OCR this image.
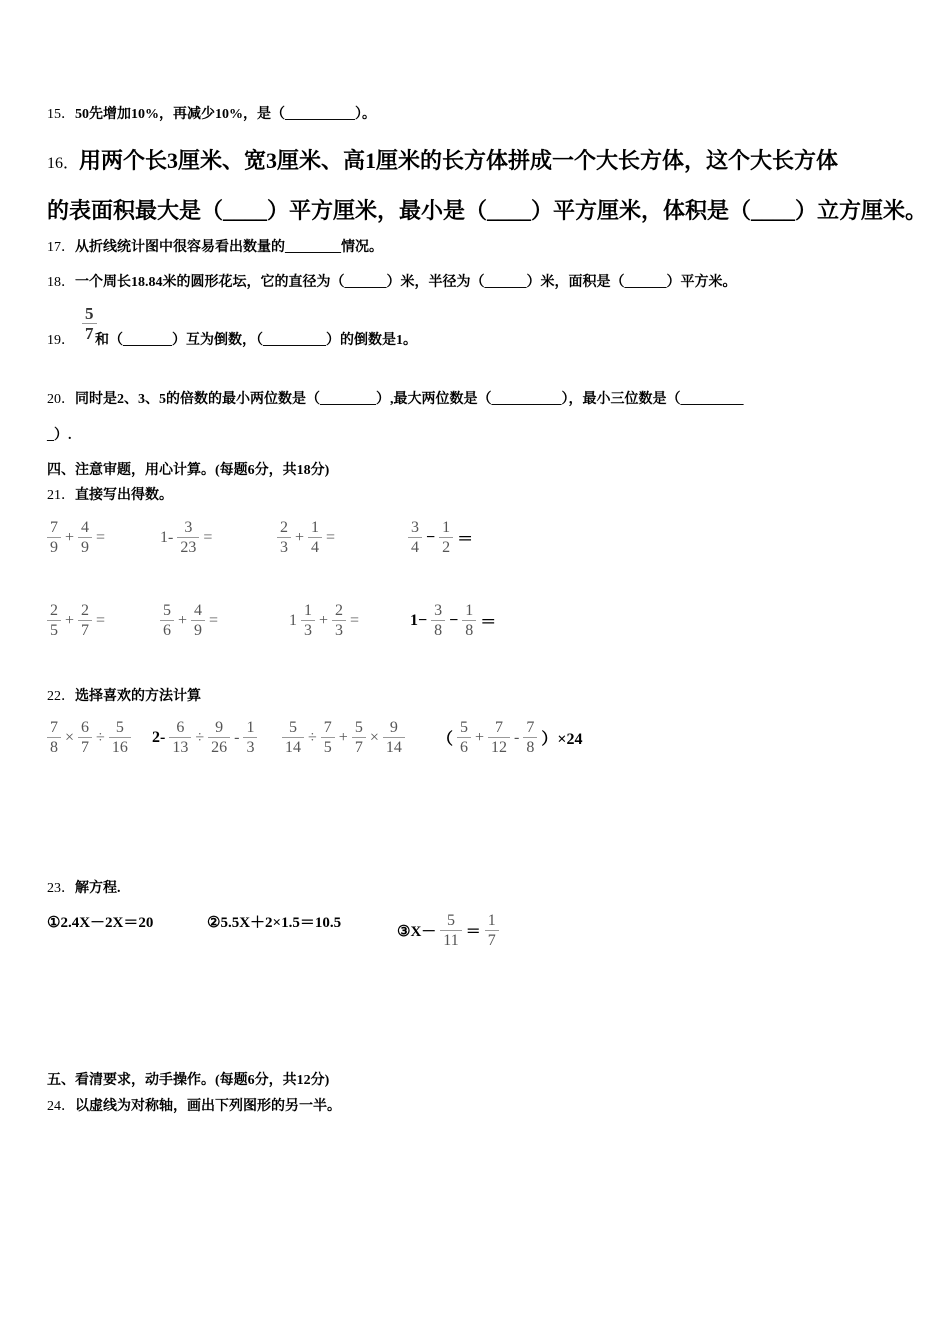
15．50先增加10%，再减少10%，是（__________）。
16．用两个长3厘米、宽3厘米、高1厘米的长方体拼成一个大长方体，这个大长方体
的表面积最大是（____）平方厘米，最小是（____）平方厘米，体积是（____）立方厘米。
17．从折线统计图中很容易看出数量的________情况。
18．一个周长18.84米的圆形花坛，它的直径为（______）米，半径为（______）米，面积是（______）平方米。
19． 和（_______）互为倒数，（_________）的倒数是1。
5
7
20．同时是2、3、5的倍数的最小两位数是（________）,最大两位数是（__________），最小三位数是（_________
_）.
四、注意审题，用心计算。(每题6分，共18分)
21．直接写出得数。
22．选择喜欢的方法计算
23．解方程.
五、看清要求，动手操作。(每题6分，共12分)
24．以虚线为对称轴，画出下列图形的另一半。
$\frac{7}{9} + \frac{4}{9}$ =	$1- \frac{3}{23}$ =	$\frac{2}{3} + \frac{1}{4}$ =	$\frac{3}{4} - \frac{1}{2}$ ＝
$\frac{2}{5} + \frac{2}{7}$ =	$\frac{5}{6} + \frac{4}{9}$ =	$1 \frac{1}{3} + \frac{2}{3}$ =	$1- \frac{3}{8} - \frac{1}{8}$ ＝
$\frac{7}{8} \times \frac{6}{7} \div \frac{5}{16} 2- \frac{6}{13} \div \frac{9}{26} - \frac{1}{3} \frac{5}{14} \div \frac{7}{5} + \frac{5}{7} \times \frac{9}{14}$ （ $\frac{5}{6} + \frac{7}{12} - \frac{7}{8} )\times 24$
①2.4X－2X＝20	②5.5X＋2×1.5＝10.5
③X－ $\frac{5}{11} = \frac{1}{7}$
